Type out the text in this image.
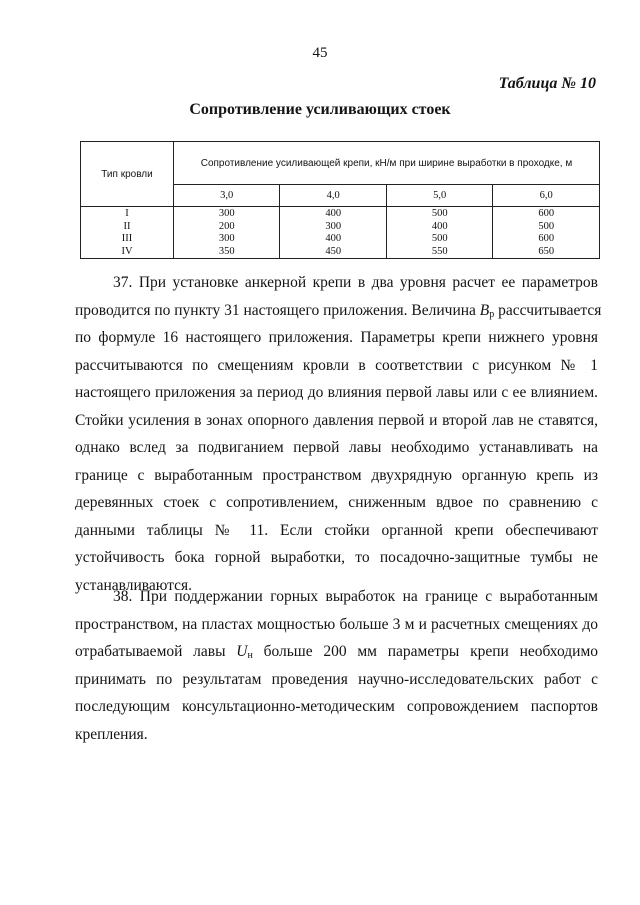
45
Таблица № 10
Сопротивление усиливающих стоек
Тип кровли	Сопротивление усиливающей крепи, кН/м при ширине выработки в проходке, м			
	3,0	4,0	5,0	6,0
I	300	400	500	600
II	200	300	400	500
III	300	400	500	600
IV	350	450	550	650
37. При установке анкерной крепи в два уровня расчет ее параметров
проводится по пункту 31 настоящего приложения. Величина $B_р$ рассчитывается
по формуле 16 настоящего приложения. Параметры крепи нижнего уровня
рассчитываются по смещениям кровли в соответствии с рисунком № 1
настоящего приложения за период до влияния первой лавы или с ее влиянием.
Стойки усиления в зонах опорного давления первой и второй лав не ставятся,
однако вслед за подвиганием первой лавы необходимо устанавливать на
границе с выработанным пространством двухрядную органную крепь из
деревянных стоек с сопротивлением, сниженным вдвое по сравнению с
данными таблицы № 11. Если стойки органной крепи обеспечивают
устойчивость бока горной выработки, то посадочно-защитные тумбы не
устанавливаются.
38. При поддержании горных выработок на границе с выработанным
пространством, на пластах мощностью больше 3 м и расчетных смещениях до
отрабатываемой лавы $U_н$ больше 200 мм параметры крепи необходимо
принимать по результатам проведения научно-исследовательских работ с
последующим консультационно-методическим сопровождением паспортов
крепления.
